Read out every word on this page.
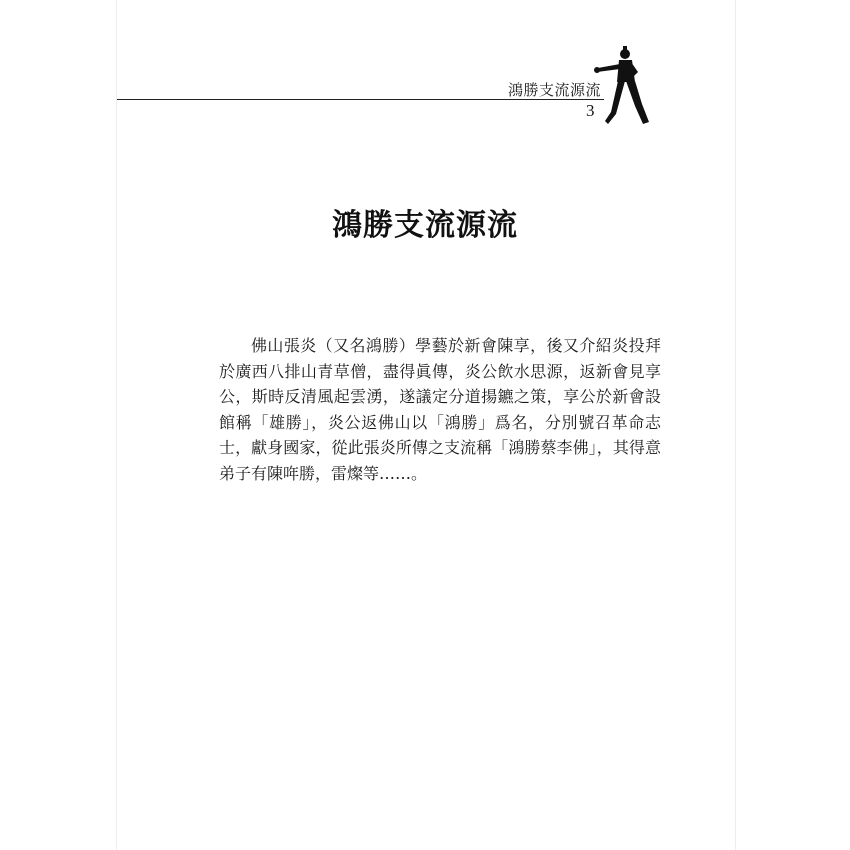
鴻勝支流源流
3
鴻勝支流源流

佛山張炎（又名鴻勝）學藝於新會陳享，後又介紹炎投拜於廣西八排山青草僧，盡得眞傳，炎公飲水思源，返新會見享公，斯時反清風起雲湧，遂議定分道揚鑣之策，享公於新會設館稱「雄勝」，炎公返佛山以「鴻勝」爲名，分別號召革命志士，獻身國家，從此張炎所傳之支流稱「鴻勝蔡李佛」，其得意弟子有陳哖勝，雷燦等……。
